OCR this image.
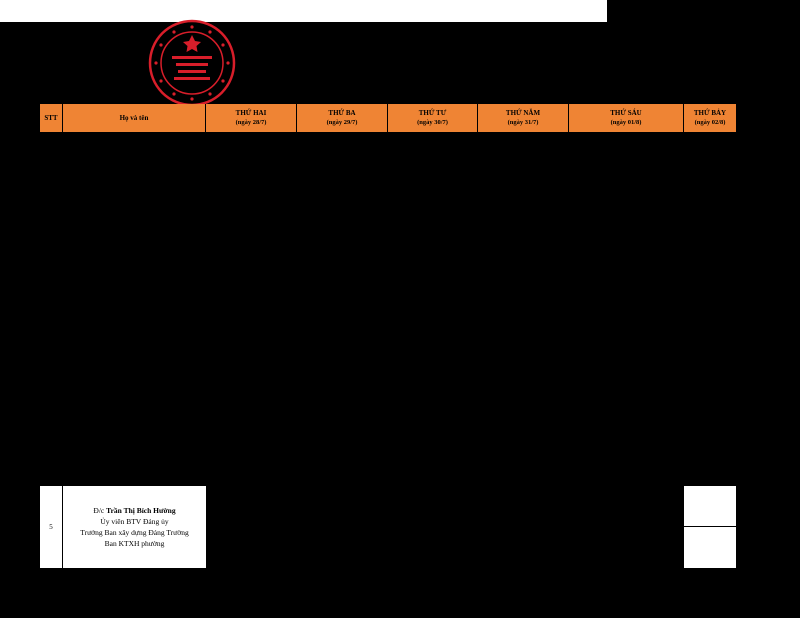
STT	Họ và tên
THỨ HAI
(ngày 28/7)
THỨ BA
(ngày 29/7)
THỨ TƯ
(ngày 30/7)
THỨ NĂM
(ngày 31/7)
THỨ SÁU
(ngày 01/8)
THỨ BẢY
(ngày 02/8)
5
Đ/c Trần Thị Bích Hường
Ủy viên BTV Đảng ủy
Trưởng Ban xây dựng Đảng Trường
Ban KTXH phường
